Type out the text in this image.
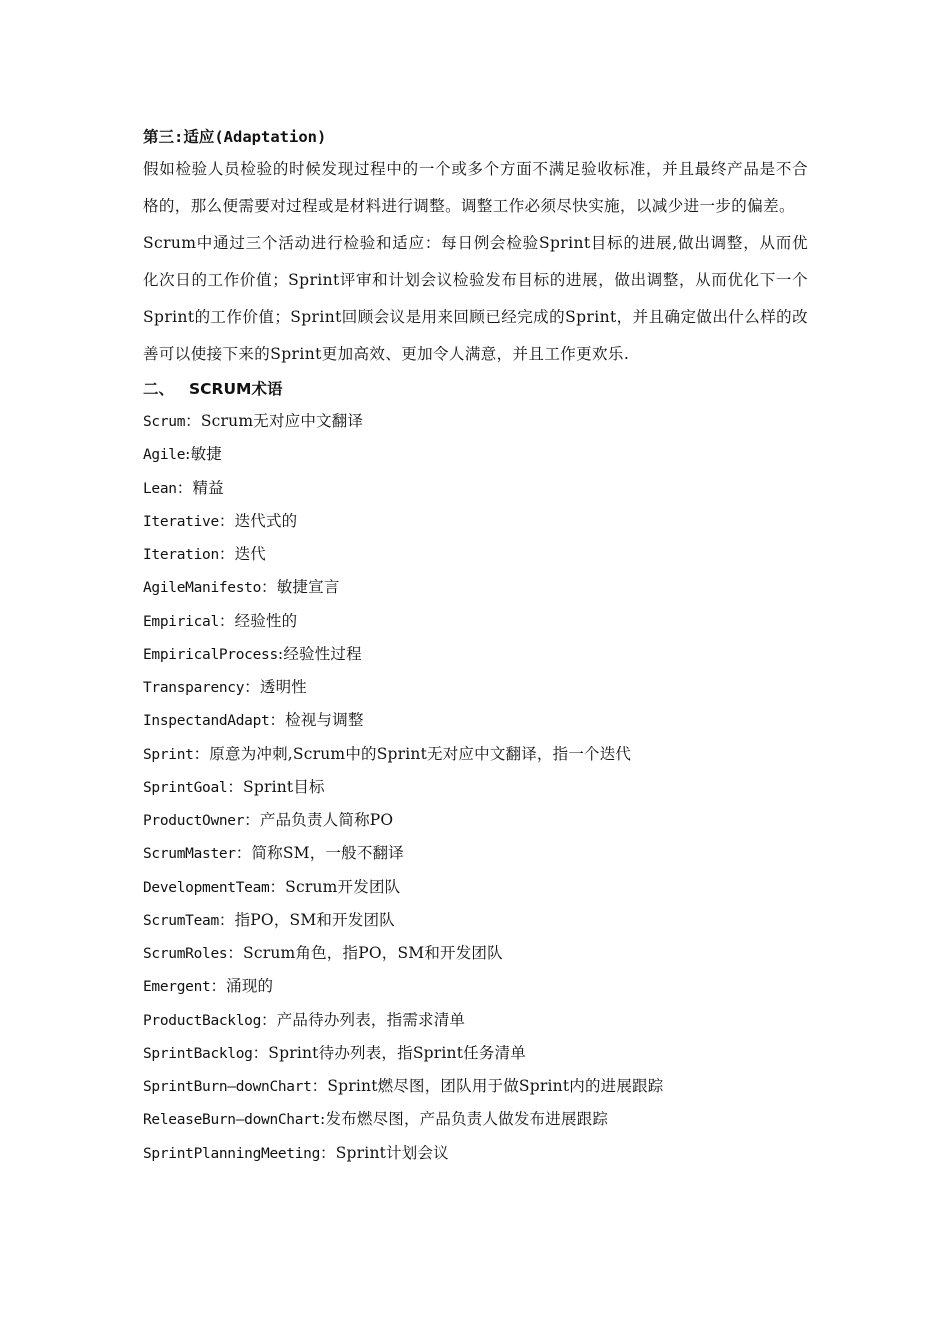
第三:适应(Adaptation)

假如检验人员检验的时候发现过程中的一个或多个方面不满足验收标准，并且最终产品是不合格的，那么便需要对过程或是材料进行调整。调整工作必须尽快实施，以减少进一步的偏差。

Scrum中通过三个活动进行检验和适应：每日例会检验Sprint目标的进展,做出调整，从而优化次日的工作价值；Sprint评审和计划会议检验发布目标的进展，做出调整，从而优化下一个Sprint的工作价值；Sprint回顾会议是用来回顾已经完成的Sprint，并且确定做出什么样的改善可以使接下来的Sprint更加高效、更加令人满意，并且工作更欢乐.

二、 SCRUM术语
Scrum：Scrum无对应中文翻译
Agile:敏捷
Lean：精益
Iterative：迭代式的
Iteration：迭代
AgileManifesto：敏捷宣言
Empirical：经验性的
EmpiricalProcess:经验性过程
Transparency：透明性
InspectandAdapt：检视与调整
Sprint：原意为冲刺,Scrum中的Sprint无对应中文翻译，指一个迭代
SprintGoal：Sprint目标
ProductOwner：产品负责人简称PO
ScrumMaster：简称SM，一般不翻译
DevelopmentTeam：Scrum开发团队
ScrumTeam：指PO，SM和开发团队
ScrumRoles：Scrum角色，指PO，SM和开发团队
Emergent：涌现的
ProductBacklog：产品待办列表，指需求清单
SprintBacklog：Sprint待办列表，指Sprint任务清单
SprintBurn—downChart：Sprint燃尽图，团队用于做Sprint内的进展跟踪
ReleaseBurn—downChart:发布燃尽图，产品负责人做发布进展跟踪
SprintPlanningMeeting：Sprint计划会议
